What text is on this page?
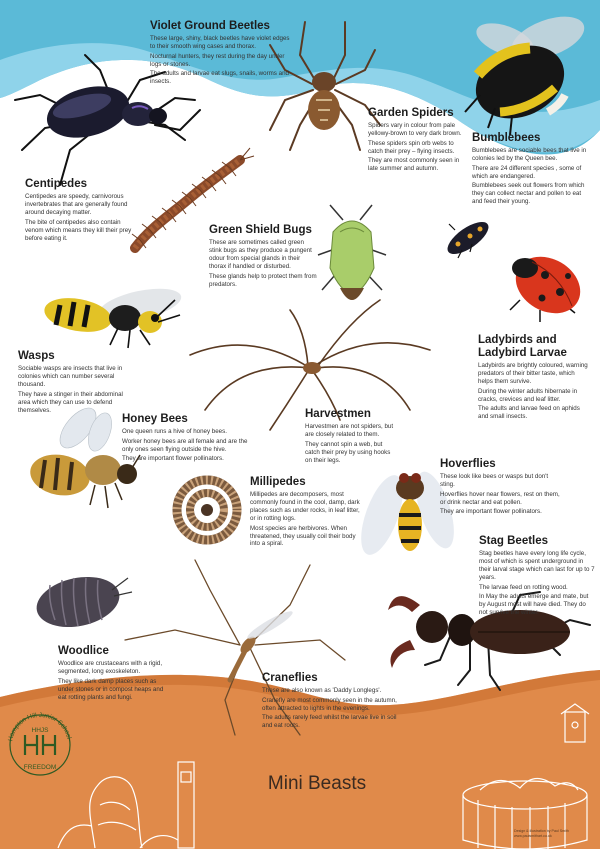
Hampton Hill Junior School
FREEDOM
HHJS
Violet Ground Beetles
These large, shiny, black beetles have violet edges to their smooth wing cases and thorax.
Nocturnal hunters, they rest during the day under logs or stones.
The adults and larvae eat slugs, snails, worms and insects.
Garden Spiders
Spiders vary in colour from pale yellowy-brown to very dark brown.
These spiders spin orb webs to catch their prey – flying insects.
They are most commonly seen in late summer and autumn.
Bumblebees
Bumblebees are sociable bees that live in colonies led by the Queen bee.
There are 24 different species , some of which are endangered.
Bumblebees seek out flowers from which they can collect nectar and pollen to eat and feed their young.
Centipedes
Centipedes are speedy, carnivorous invertebrates that are generally found around decaying matter.
The bite of centipedes also contain venom which means they kill their prey before eating it.
Green Shield Bugs
These are sometimes called green stink bugs as they produce a pungent odour from special glands in their thorax if handled or disturbed.
These glands help to protect them from predators.
Wasps
Sociable wasps are insects that live in colonies which can number several thousand.
They have a stinger in their abdominal area which they can use to defend themselves.
Ladybirds and Ladybird Larvae
Ladybirds are brightly coloured, warning predators of their bitter taste, which helps them survive.
During the winter adults hibernate in cracks, crevices and leaf litter.
The adults and larvae feed on aphids and small insects.
Honey Bees
One queen runs a hive of honey bees.
Worker honey bees are all female and are the only ones seen flying outside the hive.
They are important flower pollinators.
Harvestmen
Harvestmen are not spiders, but are closely related to them.
They cannot spin a web, but catch their prey by using hooks on their legs.	Hoverflies
These look like bees or wasps but don't sting.
Hoverflies hover near flowers, rest on them, or drink nectar and eat pollen.
They are important flower pollinators.
Millipedes
Millipedes are decomposers, most commonly found in the cool, damp, dark places such as under rocks, in leaf litter, or in rotting logs.
Most species are herbivores. When threatened, they usually coil their body into a spiral.	Stag Beetles
Stag beetles have every long life cycle, most of which is spent underground in their larval stage which can last for up to 7 years.
The larvae feed on rotting wood.
In May the adults emerge and mate, but by August most will have died. They do not survive the winter.
Woodlice
Woodlice are crustaceans with a rigid, segmented, long exoskeleton.
They like dark damp places such as under stones or in compost heaps and eat rotting plants and fungi.
Craneflies
These are also known as 'Daddy Longlegs'.
Cranefly are most commonly seen in the autumn, often attracted to lights in the evenings.
The adults rarely feed whilst the larvae live in soil and eat roots.
Mini Beasts
Design & illustration by Paul Smith
www.paulsmithart.co.uk
